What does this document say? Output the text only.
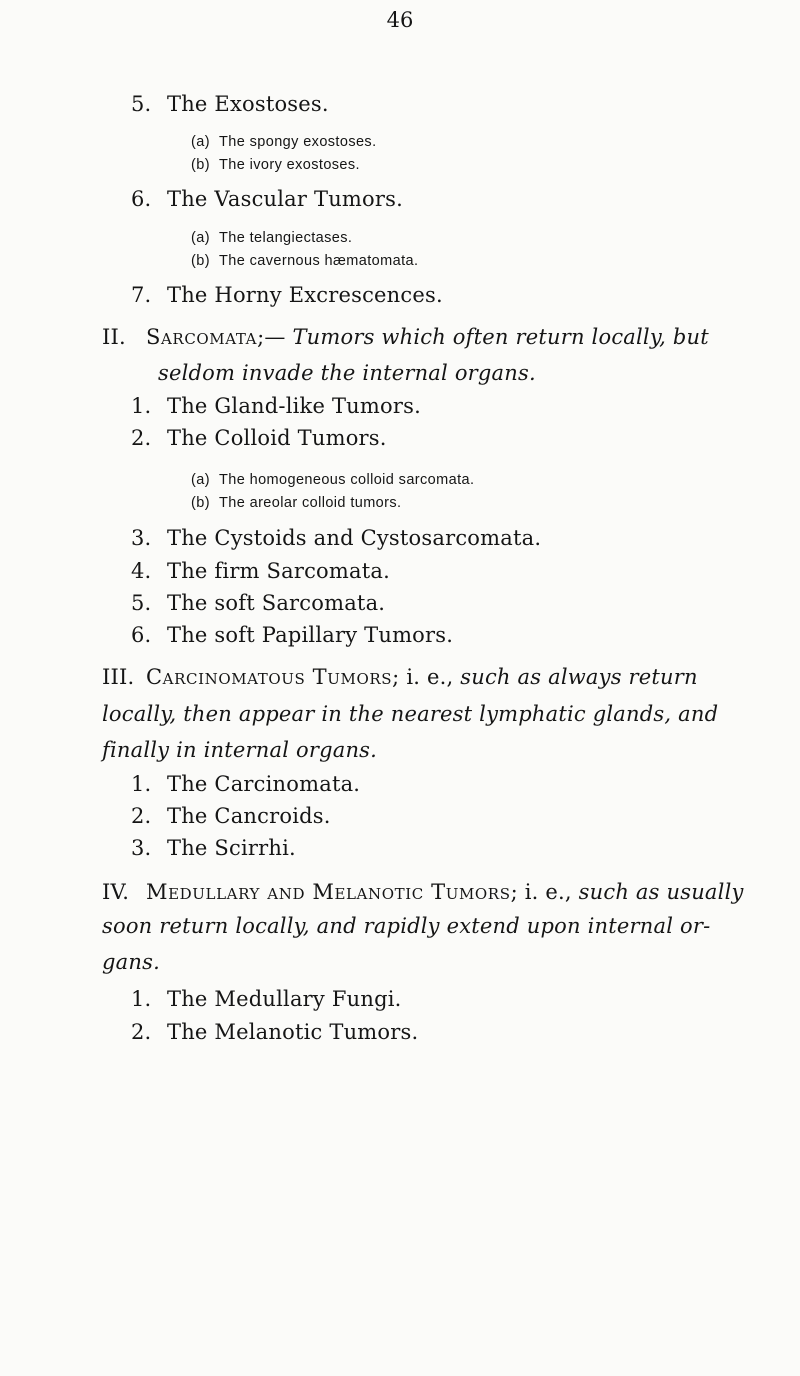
46
5. The Exostoses.
(a) The spongy exostoses.
(b) The ivory exostoses.
6. The Vascular Tumors.
(a) The telangiectases.
(b) The cavernous hæmatomata.
7. The Horny Excrescences.
II. Sarcomata;— Tumors which often return locally, but
seldom invade the internal organs.
1. The Gland-like Tumors.
2. The Colloid Tumors.
(a) The homogeneous colloid sarcomata.
(b) The areolar colloid tumors.
3. The Cystoids and Cystosarcomata.
4. The firm Sarcomata.
5. The soft Sarcomata.
6. The soft Papillary Tumors.
III. Carcinomatous Tumors; i. e., such as always return
locally, then appear in the nearest lymphatic glands, and
finally in internal organs.
1. The Carcinomata.
2. The Cancroids.
3. The Scirrhi.
IV. Medullary and Melanotic Tumors; i. e., such as usually
soon return locally, and rapidly extend upon internal or-
gans.
1. The Medullary Fungi.
2. The Melanotic Tumors.
